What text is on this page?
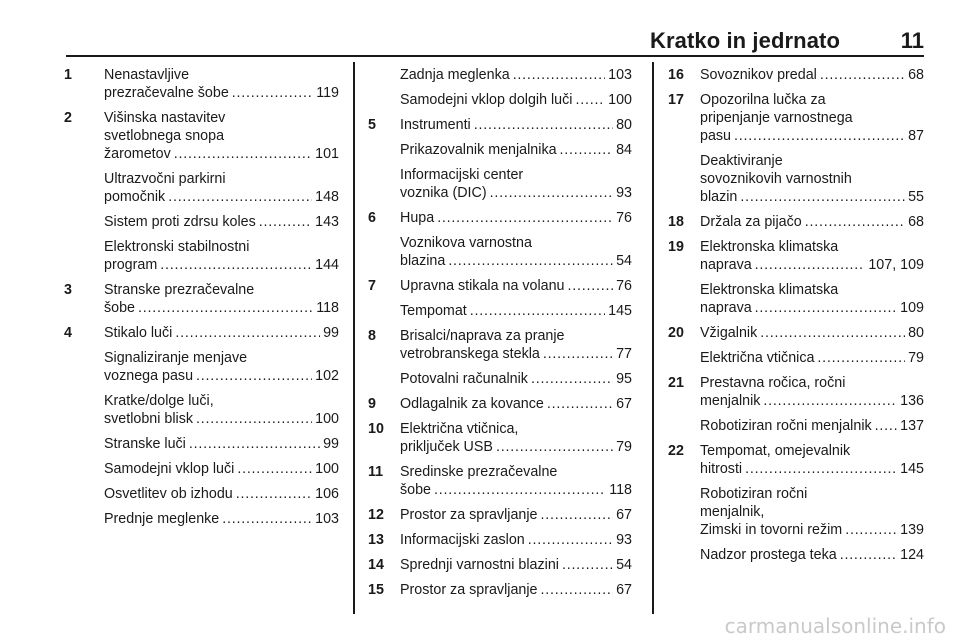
Kratko in jedrnato	11
1	Nenastavljive
prezračevalne šobe . . .	119
2	Višinska nastavitev
svetlobnega snopa
žarometov . . .	101
Ultrazvočni parkirni
pomočnik . . .	148
Sistem proti zdrsu koles . . .	143
Elektronski stabilnostni
program . . .	144
3	Stranske prezračevalne
šobe . . .	118
4	Stikalo luči . . .	99
Signaliziranje menjave
voznega pasu . . .	102
Kratke/dolge luči,
svetlobni blisk . . .	100
Stranske luči . . .	99
Samodejni vklop luči . . .	100
Osvetlitev ob izhodu . . .	106
Prednje meglenke . . .	103
Zadnja meglenka . . .	103
Samodejni vklop dolgih luči . . . 100
5	Instrumenti . . .	80
Prikazovalnik menjalnika . . .	84
Informacijski center
voznika (DIC) . . .	93
6	Hupa . . .	76
Voznikova varnostna
blazina . . .	54
7	Upravna stikala na volanu . . .	76
Tempomat . . .	145
8	Brisalci/naprava za pranje
vetrobranskega stekla . . .	77
Potovalni računalnik . . .	95
9	Odlagalnik za kovance . . .	67
10	Električna vtičnica,
priključek USB . . .	79
11	Sredinske prezračevalne
šobe . . .	118
12	Prostor za spravljanje . . .	67
13	Informacijski zaslon . . .	93
14	Sprednji varnostni blazini . . .	54
15	Prostor za spravljanje . . .	67
16	Sovoznikov predal . . .	68
17	Opozorilna lučka za
pripenjanje varnostnega
pasu . . .	87
Deaktiviranje
sovoznikovih varnostnih
blazin . . .	55
18	Držala za pijačo . . .	68
19	Elektronska klimatska
naprava . . .	107, 109
Elektronska klimatska
naprava . . .	109
20	Vžigalnik . . .	80
Električna vtičnica . . .	79
21	Prestavna ročica, ročni
menjalnik . . .	136
Robotiziran ročni menjalnik . . . 137
22	Tempomat, omejevalnik
hitrosti . . .	145
Robotiziran ročni
menjalnik,
Zimski in tovorni režim . . .	139
Nadzor prostega teka . . .	124
carmanualsonline.info
